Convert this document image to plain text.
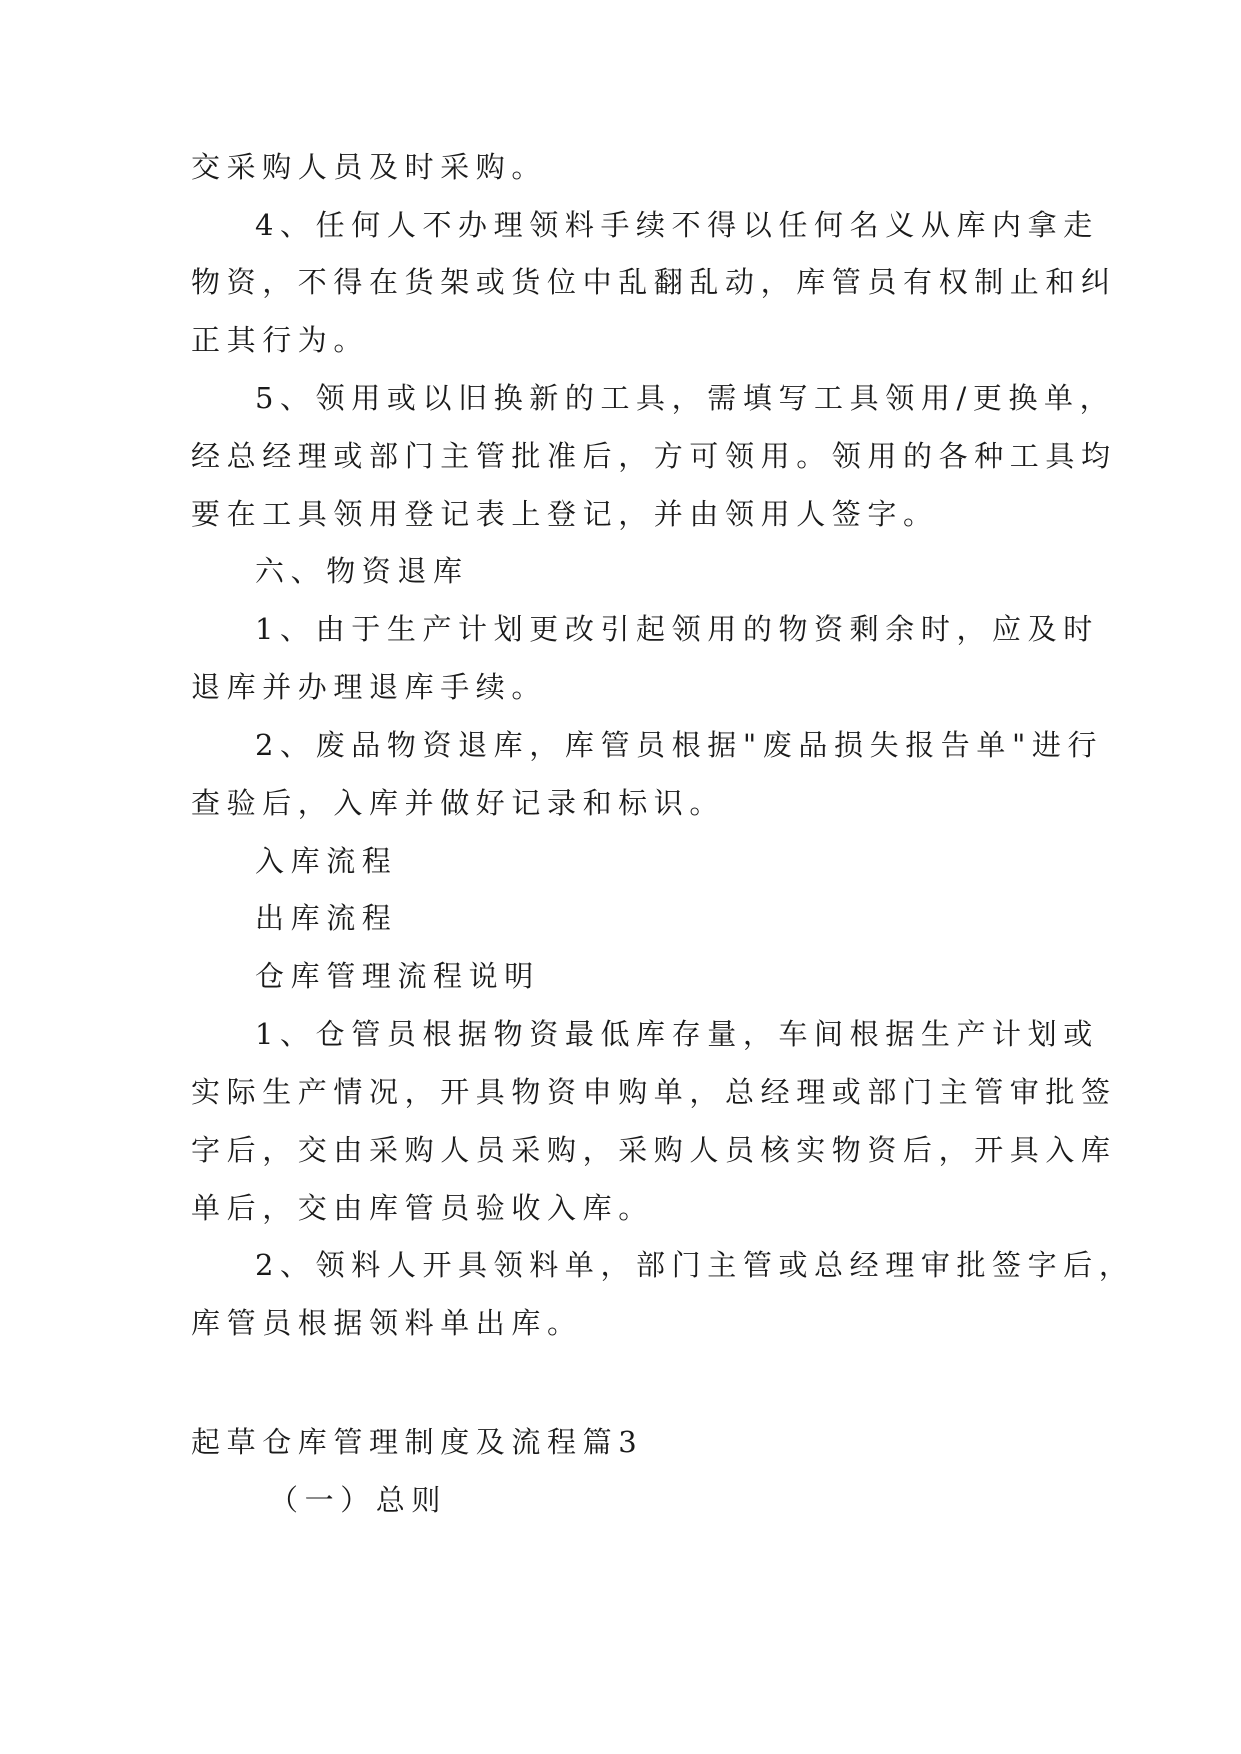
交采购人员及时采购。
4、任何人不办理领料手续不得以任何名义从库内拿走
物资，不得在货架或货位中乱翻乱动，库管员有权制止和纠
正其行为。
5、领用或以旧换新的工具，需填写工具领用/更换单，
经总经理或部门主管批准后，方可领用。领用的各种工具均
要在工具领用登记表上登记，并由领用人签字。
六、物资退库
1、由于生产计划更改引起领用的物资剩余时，应及时
退库并办理退库手续。
2、废品物资退库，库管员根据"废品损失报告单"进行
查验后，入库并做好记录和标识。
入库流程
出库流程
仓库管理流程说明
1、仓管员根据物资最低库存量，车间根据生产计划或
实际生产情况，开具物资申购单，总经理或部门主管审批签
字后，交由采购人员采购，采购人员核实物资后，开具入库
单后，交由库管员验收入库。
2、领料人开具领料单，部门主管或总经理审批签字后，
库管员根据领料单出库。
起草仓库管理制度及流程篇3
（一）总则
